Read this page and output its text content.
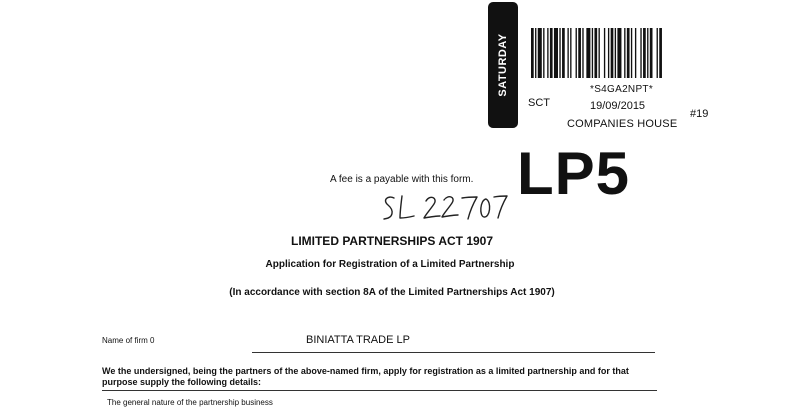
SATURDAY	*S4GA2NPT*
SCT	19/09/2015
#19
COMPANIES HOUSE
A fee is a payable with this form. LP5
LIMITED PARTNERSHIPS ACT 1907
Application for Registration of a Limited Partnership
(In accordance with section 8A of the Limited Partnerships Act 1907)
Name of firm 0	BINIATTA TRADE LP
We the undersigned, being the partners of the above-named firm, apply for registration as a limited partnership and for that purpose supply the following details:
The general nature of the partnership business
